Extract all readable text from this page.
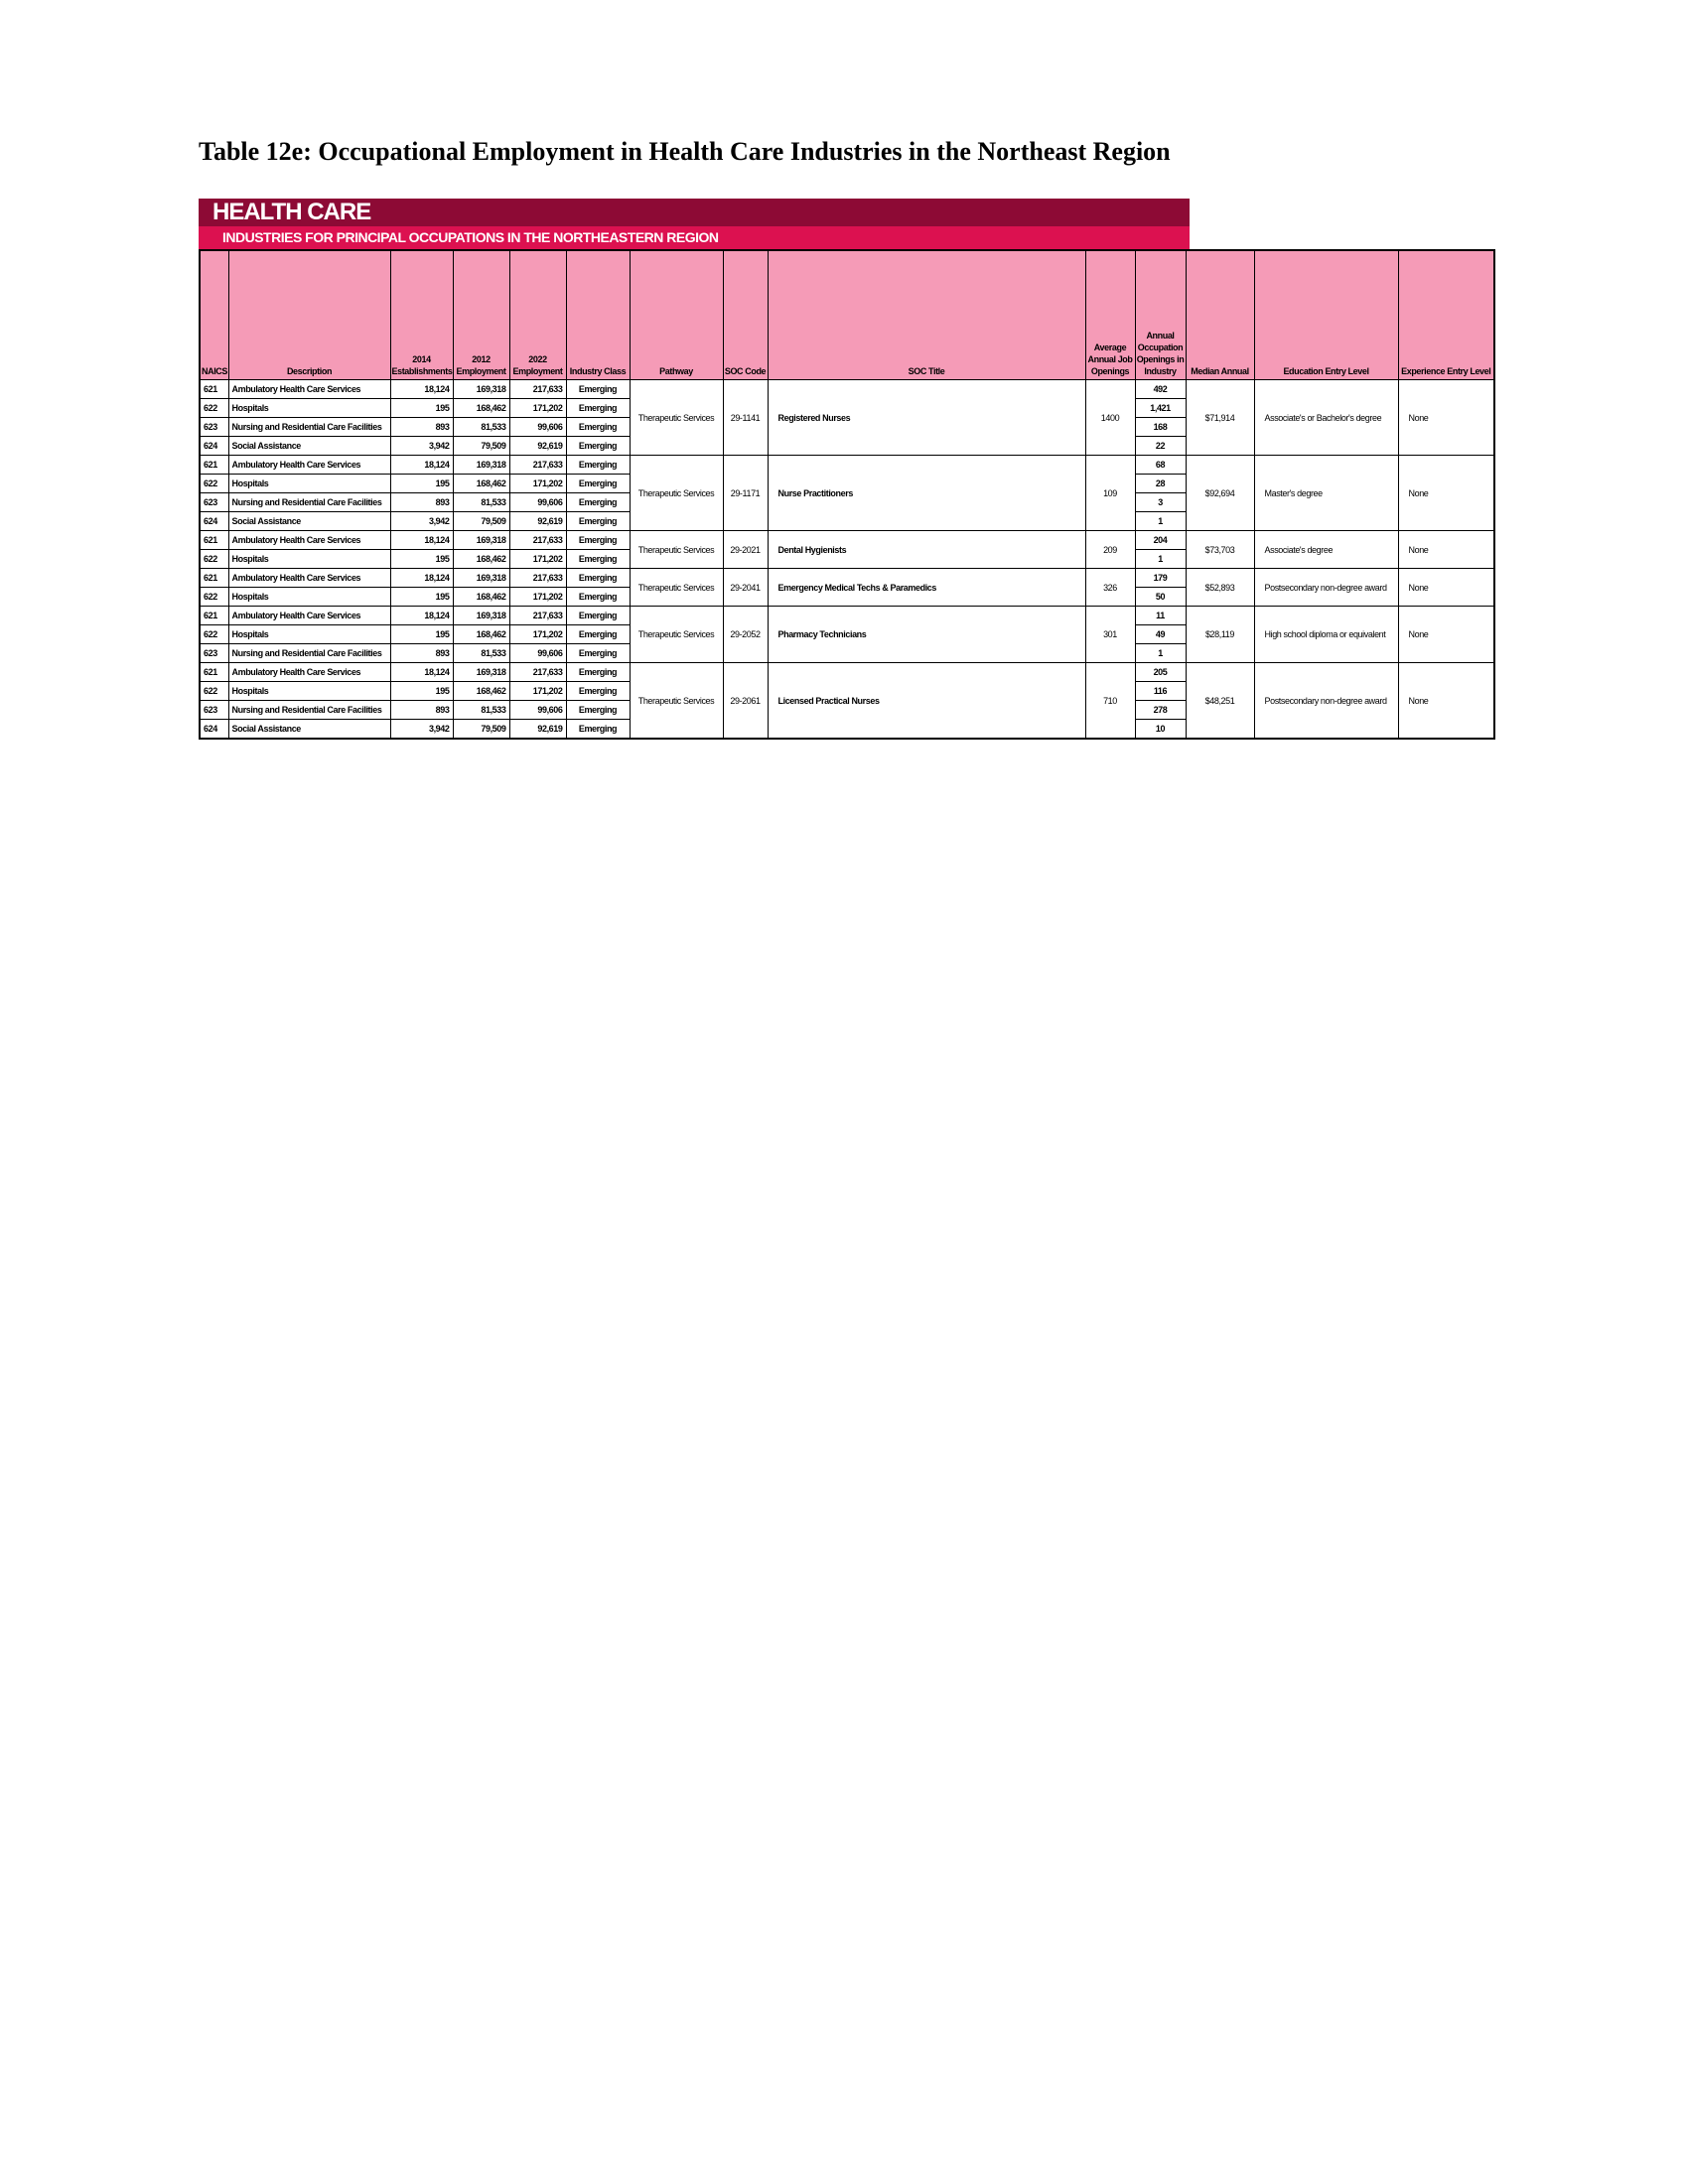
Table 12e: Occupational Employment in Health Care Industries in the Northeast Region
HEALTH CARE
INDUSTRIES FOR PRINCIPAL OCCUPATIONS IN THE NORTHEASTERN REGION
NAICS	Description	2014 Establishments	2012 Employment	2022 Employment	Industry Class	Pathway	SOC Code	SOC Title	Average Annual Job Openings	Annual Occupation Openings in Industry	Median Annual	Education Entry Level	Experience Entry Level
621	Ambulatory Health Care Services	18,124	169,318	217,633	Emerging	Therapeutic Services	29-1141	Registered Nurses	1400	492	$71,914	Associate's or Bachelor's degree	None
622	Hospitals	195	168,462	171,202	Emerging					1,421			
623	Nursing and Residential Care Facilities	893	81,533	99,606	Emerging					168			
624	Social Assistance	3,942	79,509	92,619	Emerging					22			
621	Ambulatory Health Care Services	18,124	169,318	217,633	Emerging	Therapeutic Services	29-1171	Nurse Practitioners	109	68	$92,694	Master's degree	None
622	Hospitals	195	168,462	171,202	Emerging					28			
623	Nursing and Residential Care Facilities	893	81,533	99,606	Emerging					3			
624	Social Assistance	3,942	79,509	92,619	Emerging					1			
621	Ambulatory Health Care Services	18,124	169,318	217,633	Emerging	Therapeutic Services	29-2021	Dental Hygienists	209	204	$73,703	Associate's degree	None
622	Hospitals	195	168,462	171,202	Emerging					1			
621	Ambulatory Health Care Services	18,124	169,318	217,633	Emerging	Therapeutic Services	29-2041	Emergency Medical Techs & Paramedics	326	179	$52,893	Postsecondary non-degree award	None
622	Hospitals	195	168,462	171,202	Emerging					50			
621	Ambulatory Health Care Services	18,124	169,318	217,633	Emerging	Therapeutic Services	29-2052	Pharmacy Technicians	301	11	$28,119	High school diploma or equivalent	None
622	Hospitals	195	168,462	171,202	Emerging					49			
623	Nursing and Residential Care Facilities	893	81,533	99,606	Emerging					1			
621	Ambulatory Health Care Services	18,124	169,318	217,633	Emerging	Therapeutic Services	29-2061	Licensed Practical Nurses	710	205	$48,251	Postsecondary non-degree award	None
622	Hospitals	195	168,462	171,202	Emerging					116			
623	Nursing and Residential Care Facilities	893	81,533	99,606	Emerging					278			
624	Social Assistance	3,942	79,509	92,619	Emerging					10			
